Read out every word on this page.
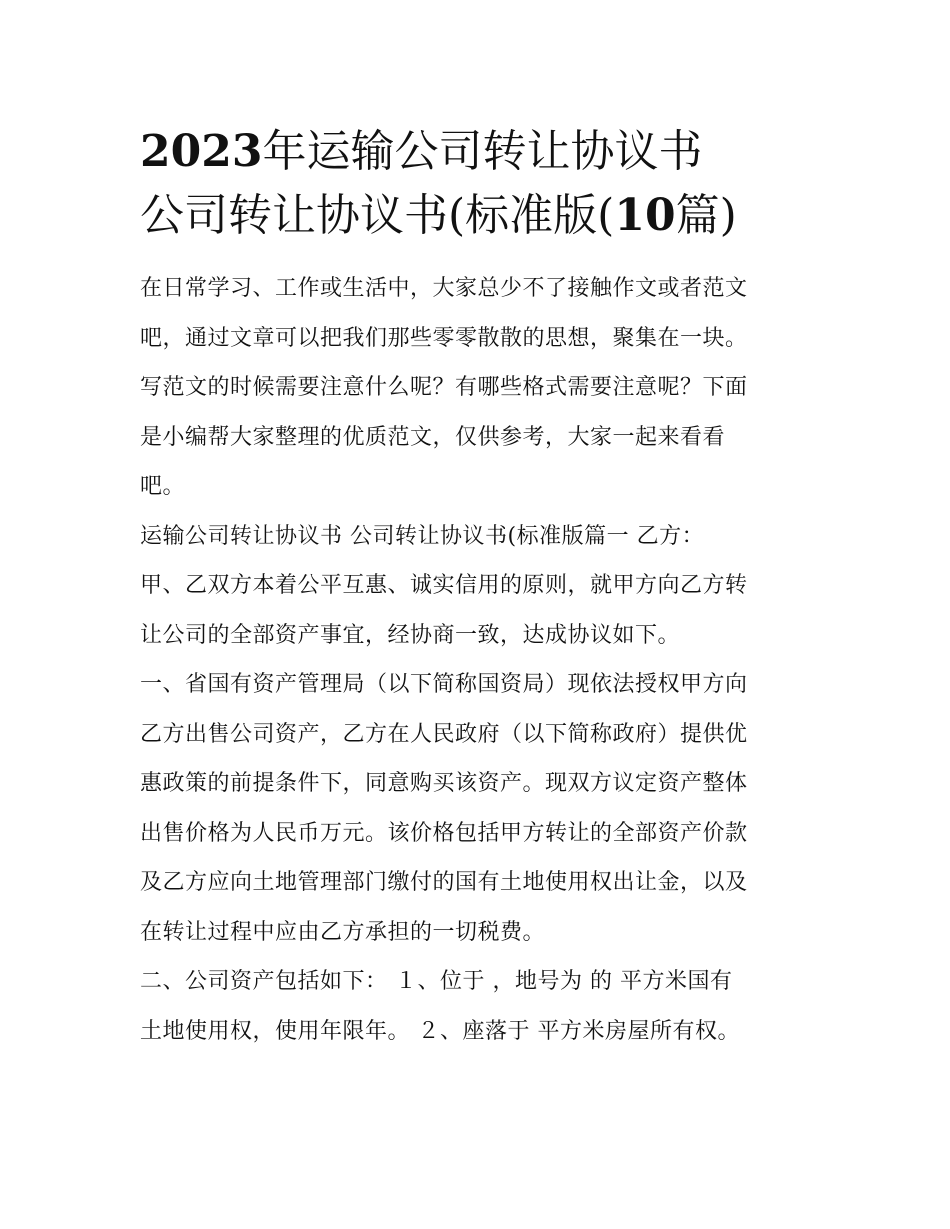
2023年运输公司转让协议书
公司转让协议书(标准版(10篇)

在日常学习、工作或生活中，大家总少不了接触作文或者范文
吧，通过文章可以把我们那些零零散散的思想，聚集在一块。
写范文的时候需要注意什么呢？有哪些格式需要注意呢？下面
是小编帮大家整理的优质范文，仅供参考，大家一起来看看
吧。

运输公司转让协议书 公司转让协议书(标准版篇一 乙方：

甲、乙双方本着公平互惠、诚实信用的原则，就甲方向乙方转
让公司的全部资产事宜，经协商一致，达成协议如下。

一、省国有资产管理局（以下简称国资局）现依法授权甲方向
乙方出售公司资产，乙方在人民政府（以下简称政府）提供优
惠政策的前提条件下，同意购买该资产。现双方议定资产整体
出售价格为人民币万元。该价格包括甲方转让的全部资产价款
及乙方应向土地管理部门缴付的国有土地使用权出让金，以及
在转让过程中应由乙方承担的一切税费。

二、公司资产包括如下： １、位于 ，地号为 的 平方米国有
土地使用权，使用年限年。 ２、座落于 平方米房屋所有权。
